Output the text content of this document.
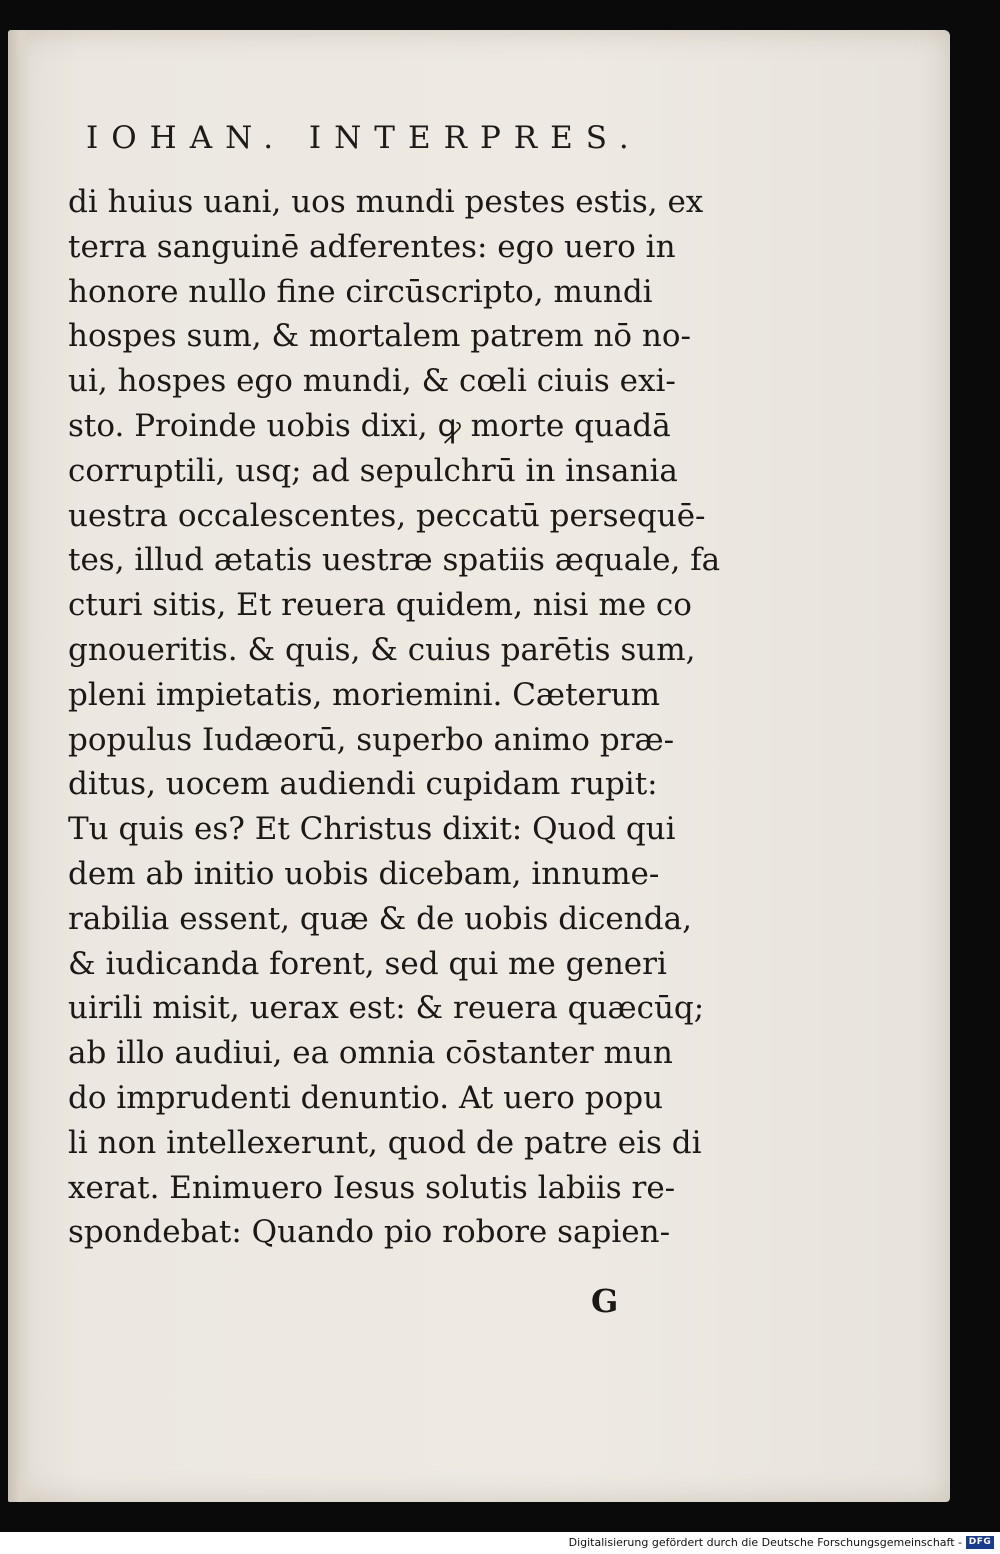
IOHAN. INTERPRES.
di huius uani, uos mundi pestes estis, ex
terra sanguinē adferentes: ego uero in
honore nullo fine circūscripto, mundi
hospes sum, & mortalem patrem nō no-
ui, hospes ego mundi, & cœli ciuis exi-
sto. Proinde uobis dixi, ꝙ morte quadā
corruptili, usq; ad sepulchrū in insania
uestra occalescentes, peccatū persequē-
tes, illud ætatis uestræ spatiis æquale, fa
cturi sitis, Et reuera quidem, nisi me co
gnoueritis. & quis, & cuius parētis sum,
pleni impietatis, moriemini. Cæterum
populus Iudæorū, superbo animo præ-
ditus, uocem audiendi cupidam rupit:
Tu quis es? Et Christus dixit: Quod qui
dem ab initio uobis dicebam, innume-
rabilia essent, quæ & de uobis dicenda,
& iudicanda forent, sed qui me generi
uirili misit, uerax est: & reuera quæcūq;
ab illo audiui, ea omnia cōstanter mun
do imprudenti denuntio. At uero popu
li non intellexerunt, quod de patre eis di
xerat. Enimuero Iesus solutis labiis re-
spondebat: Quando pio robore sapien-
G
Digitalisierung gefördert durch die Deutsche Forschungsgemeinschaft - DFG
